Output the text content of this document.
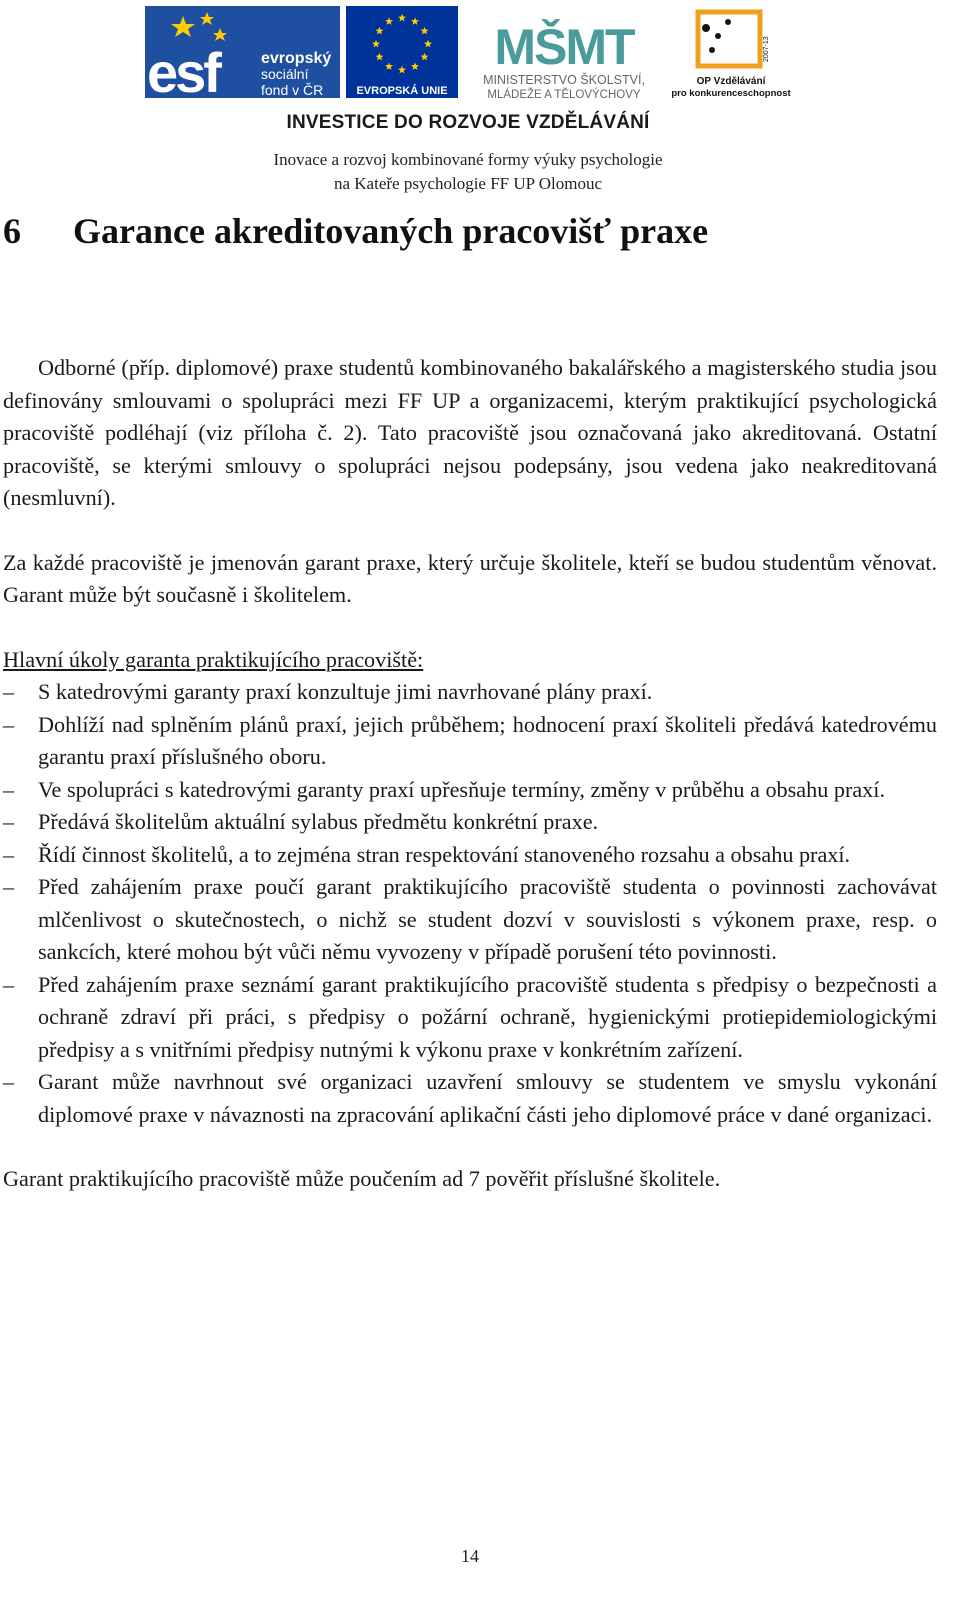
esf	evropský
sociální
fond v ČR	EVROPSKÁ UNIE
MŠMT
MINISTERSTVO ŠKOLSTVÍ,
MLÁDEŽE A TĚLOVÝCHOVY
2007-13
OP Vzdělávání
pro konkurenceschopnost
INVESTICE DO ROZVOJE VZDĚLÁVÁNÍ
Inovace a rozvoj kombinované formy výuky psychologie
na Kateře psychologie FF UP Olomouc
6 Garance akreditovaných pracovišť praxe

Odborné (příp. diplomové) praxe studentů kombinovaného bakalářského a magisterského studia jsou definovány smlouvami o spolupráci mezi FF UP a organizacemi, kterým praktikující psychologická pracoviště podléhají (viz příloha č. 2). Tato pracoviště jsou označovaná jako akreditovaná. Ostatní pracoviště, se kterými smlouvy o spolupráci nejsou podepsány, jsou vedena jako neakreditovaná (nesmluvní).

Za každé pracoviště je jmenován garant praxe, který určuje školitele, kteří se budou studentům věnovat. Garant může být současně i školitelem.

Hlavní úkoly garanta praktikujícího pracoviště:

– S katedrovými garanty praxí konzultuje jimi navrhované plány praxí.
– Dohlíží nad splněním plánů praxí, jejich průběhem; hodnocení praxí školiteli předává katedrovému garantu praxí příslušného oboru.
– Ve spolupráci s katedrovými garanty praxí upřesňuje termíny, změny v průběhu a obsahu praxí.
– Předává školitelům aktuální sylabus předmětu konkrétní praxe.
– Řídí činnost školitelů, a to zejména stran respektování stanoveného rozsahu a obsahu praxí.
– Před zahájením praxe poučí garant praktikujícího pracoviště studenta o povinnosti zachovávat mlčenlivost o skutečnostech, o nichž se student dozví v souvislosti s výkonem praxe, resp. o sankcích, které mohou být vůči němu vyvozeny v případě porušení této povinnosti.
– Před zahájením praxe seznámí garant praktikujícího pracoviště studenta s předpisy o bezpečnosti a ochraně zdraví při práci, s předpisy o požární ochraně, hygienickými protiepidemiologickými předpisy a s vnitřními předpisy nutnými k výkonu praxe v konkrétním zařízení.
– Garant může navrhnout své organizaci uzavření smlouvy se studentem ve smyslu vykonání diplomové praxe v návaznosti na zpracování aplikační části jeho diplomové práce v dané organizaci.

Garant praktikujícího pracoviště může poučením ad 7 pověřit příslušné školitele.

14
